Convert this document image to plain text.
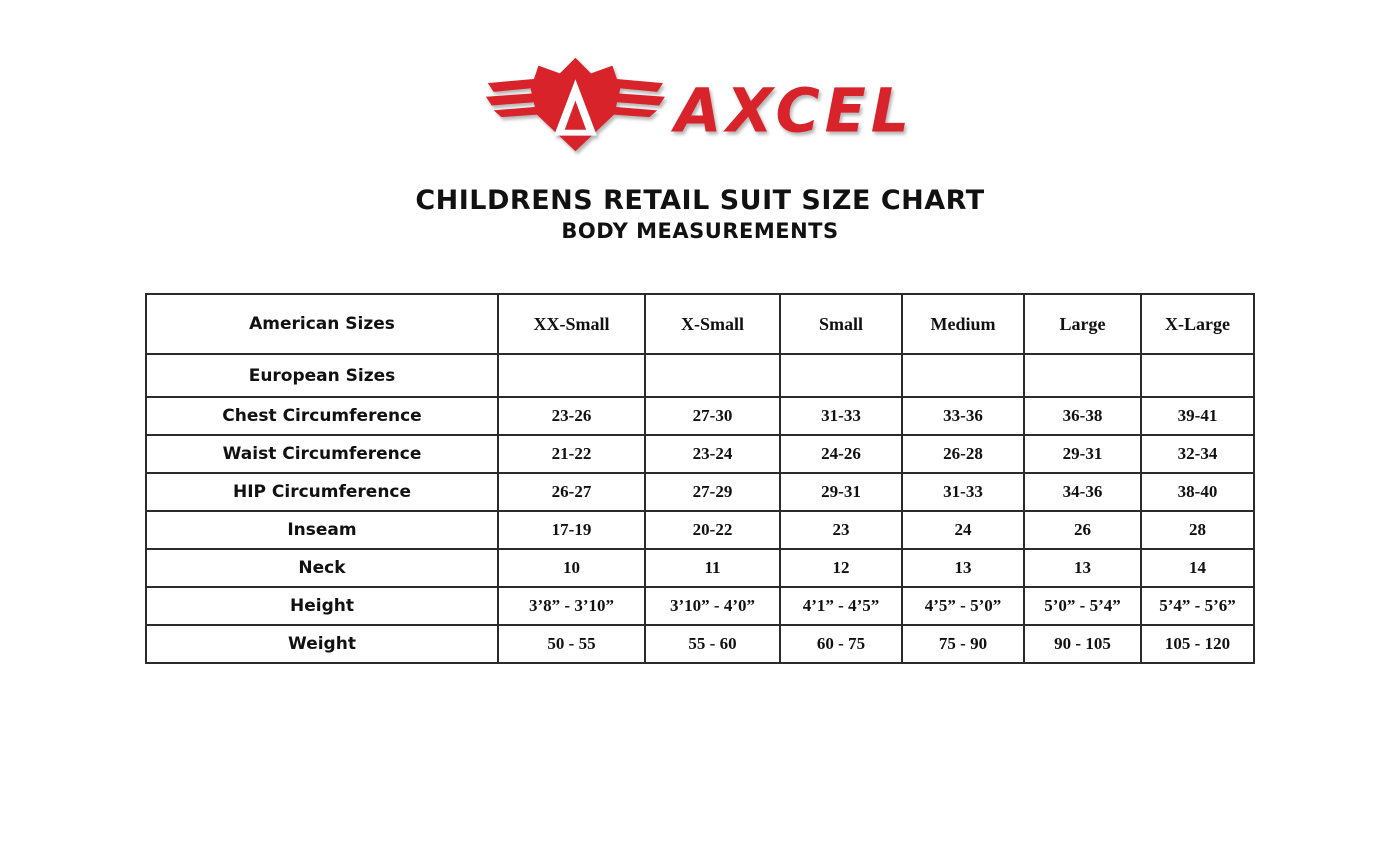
AXCEL
CHILDRENS RETAIL SUIT SIZE CHART
BODY MEASUREMENTS
American Sizes	XX-Small	X-Small	Small	Medium	Large	X-Large
European Sizes						
Chest Circumference	23-26	27-30	31-33	33-36	36-38	39-41
Waist Circumference	21-22	23-24	24-26	26-28	29-31	32-34
HIP Circumference	26-27	27-29	29-31	31-33	34-36	38-40
Inseam	17-19	20-22	23	24	26	28
Neck	10	11	12	13	13	14
Height	3’8” - 3’10”	3’10” - 4’0”	4’1” - 4’5”	4’5” - 5’0”	5’0” - 5’4”	5’4” - 5’6”
Weight	50 - 55	55 - 60	60 - 75	75 - 90	90 - 105	105 - 120
